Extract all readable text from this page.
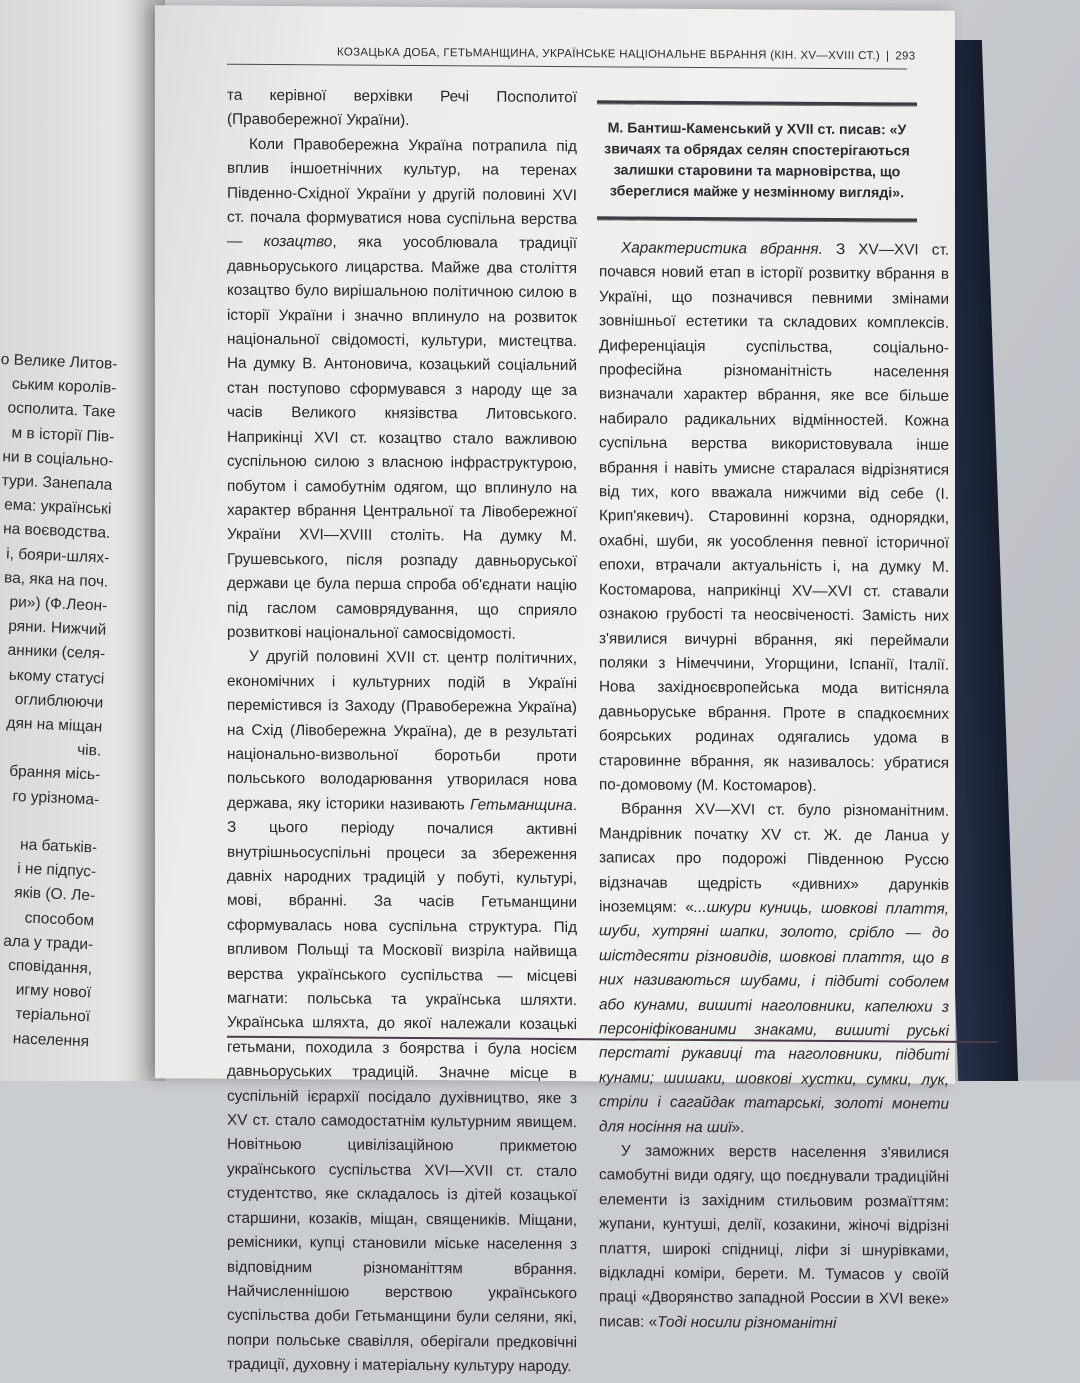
о Велике Литов-
ським королів-
осполита. Таке
м в історії Пів-
ни в соціально-
тури. Занепала
ема: українські
на воєводства.
і, бояри-шлях-
ва, яка на поч.
ри») (Ф.Леон-
ряни. Нижчий
анники (селя-
ькому статусі
оглиблюючи
дян на міщан
чів.
брання місь-
го урізнома-

на батьків-
і не підпус-
яків (О. Ле-
способом
ала у тради-
сповідання,
игму нової
теріальної
населення
КОЗАЦЬКА ДОБА, ГЕТЬМАНЩИНА, УКРАЇНСЬКЕ НАЦІОНАЛЬНЕ ВБРАННЯ (КІН. XV—XVIII СТ.) | 293

та керівної верхівки Речі Посполитої (Правобережної України).

Коли Правобережна Україна потрапила під вплив іншоетнічних культур, на теренах Південно-Східної України у другій половині XVI ст. почала формуватися нова суспільна верства — козацтво, яка уособлювала традиції давньоруського лицарства. Майже два століття козацтво було вирішальною політичною силою в історії України і значно вплинуло на розвиток національної свідомості, культури, мистецтва. На думку В. Антоновича, козацький соціальний стан поступово сформувався з народу ще за часів Великого князівства Литовського. Наприкінці XVI ст. козацтво стало важливою суспільною силою з власною інфраструктурою, побутом і самобутнім одягом, що вплинуло на характер вбрання Центральної та Лівобережної України XVI—XVIII століть. На думку М. Грушевського, після розпаду давньоруської держави це була перша спроба об'єднати націю під гаслом самоврядування, що сприяло розвиткові національної самосвідомості.

У другій половині XVII ст. центр політичних, економічних і культурних подій в Україні перемістився із Заходу (Правобережна Україна) на Схід (Лівобережна Україна), де в результаті національно-визвольної боротьби проти польського володарювання утворилася нова держава, яку історики називають Гетьманщина. З цього періоду почалися активні внутрішньосуспільні процеси за збереження давніх народних традицій у побуті, культурі, мові, вбранні. За часів Гетьманщини сформувалась нова суспільна структура. Під впливом Польщі та Московії визріла найвища верства українського суспільства — місцеві магнати: польська та українська шляхти. Українська шляхта, до якої належали козацькі гетьмани, походила з боярства і була носієм давньоруських традицій. Значне місце в суспільній ієрархії посідало духівництво, яке з XV ст. стало самодостатнім культурним явищем. Новітньою цивілізаційною прикметою українського суспільства XVI—XVII ст. стало студентство, яке складалось із дітей козацької старшини, козаків, міщан, священиків. Міщани, ремісники, купці становили міське населення з відповідним різноманіттям вбрання. Найчисленнішою верствою українського суспільства доби Гетьманщини були селяни, які, попри польське свавілля, оберігали предковічні традиції, духовну і матеріальну культуру народу.

М. Бантиш-Каменський у XVII ст. писав: «У звичаях та обрядах селян спостерігаються залишки старовини та марновірства, що збереглися майже у незмінному вигляді».

Характеристика вбрання. З XV—XVI ст. почався новий етап в історії розвитку вбрання в Україні, що позначився певними змінами зовнішньої естетики та складових комплексів. Диференціація суспільства, соціально-професійна різноманітність населення визначали характер вбрання, яке все більше набирало радикальних відмінностей. Кожна суспільна верства використовувала інше вбрання і навіть умисне старалася відрізнятися від тих, кого вважала нижчими від себе (І. Крип'якевич). Старовинні корзна, однорядки, охабні, шуби, як уособлення певної історичної епохи, втрачали актуальність і, на думку М. Костомарова, наприкінці XV—XVI ст. ставали ознакою грубості та неосвіченості. Замість них з'явилися вичурні вбрання, які переймали поляки з Німеччини, Угорщини, Іспанії, Італії. Нова західноєвропейська мода витісняла давньоруське вбрання. Проте в спадкоємних боярських родинах одягались удома в старовинне вбрання, як називалось: убратися по-домовому (М. Костомаров).

Вбрання XV—XVI ст. було різноманітним. Мандрівник початку XV ст. Ж. де Ланua у записах про подорожі Південною Руссю відзначав щедрість «дивних» дарунків іноземцям: «...шкури куниць, шовкові плаття, шуби, хутряні шапки, золото, срібло — до шістдесяти різновидів, шовкові плаття, що в них називаються шубами, і підбиті соболем або кунами, вишиті наголовники, капелюхи з персоніфікованими знаками, вишиті руські перстаті рукавиці та наголовники, підбиті кунами; шишаки, шовкові хустки, сумки, лук, стріли і сагайдак татарські, золоті монети для носіння на шиї».

У заможних верств населення з'явилися самобутні види одягу, що поєднували традиційні елементи із західним стильовим розмаїттям: жупани, кунтуші, делії, козакини, жіночі відрізні плаття, широкі спідниці, ліфи зі шнурівками, відкладні коміри, берети. М. Тумасов у своїй праці «Дворянство западной России в XVI веке» писав: «Тоді носили різноманітні
